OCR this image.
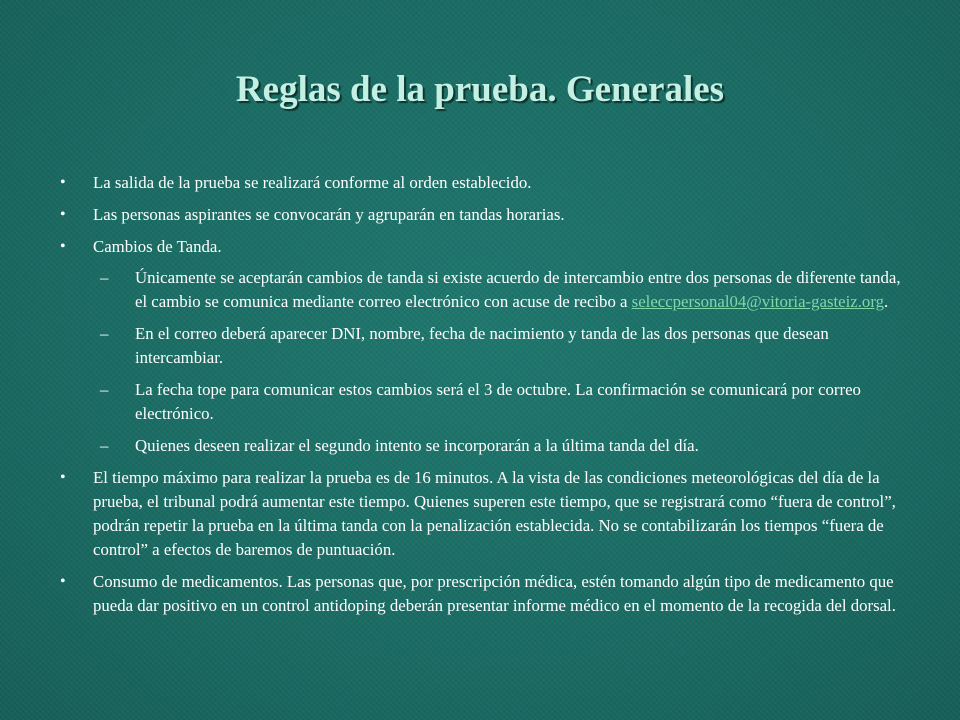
Reglas de la prueba. Generales
•	La salida de la prueba se realizará conforme al orden establecido.
•	Las personas aspirantes se convocarán y agruparán en tandas horarias.
•	Cambios de Tanda.
– Únicamente se aceptarán cambios de tanda si existe acuerdo de intercambio entre dos personas de diferente tanda, el cambio se comunica mediante correo electrónico con acuse de recibo a seleccpersonal04@vitoria-gasteiz.org.
– En el correo deberá aparecer DNI, nombre, fecha de nacimiento y tanda de las dos personas que desean intercambiar.
– La fecha tope para comunicar estos cambios será el 3 de octubre. La confirmación se comunicará por correo electrónico.
– Quienes deseen realizar el segundo intento se incorporarán a la última tanda del día.
•	El tiempo máximo para realizar la prueba es de 16 minutos. A la vista de las condiciones meteorológicas del día de la prueba, el tribunal podrá aumentar este tiempo. Quienes superen este tiempo, que se registrará como “fuera de control”, podrán repetir la prueba en la última tanda con la penalización establecida. No se contabilizarán los tiempos “fuera de control” a efectos de baremos de puntuación.
•	Consumo de medicamentos. Las personas que, por prescripción médica, estén tomando algún tipo de medicamento que pueda dar positivo en un control antidoping deberán presentar informe médico en el momento de la recogida del dorsal.
